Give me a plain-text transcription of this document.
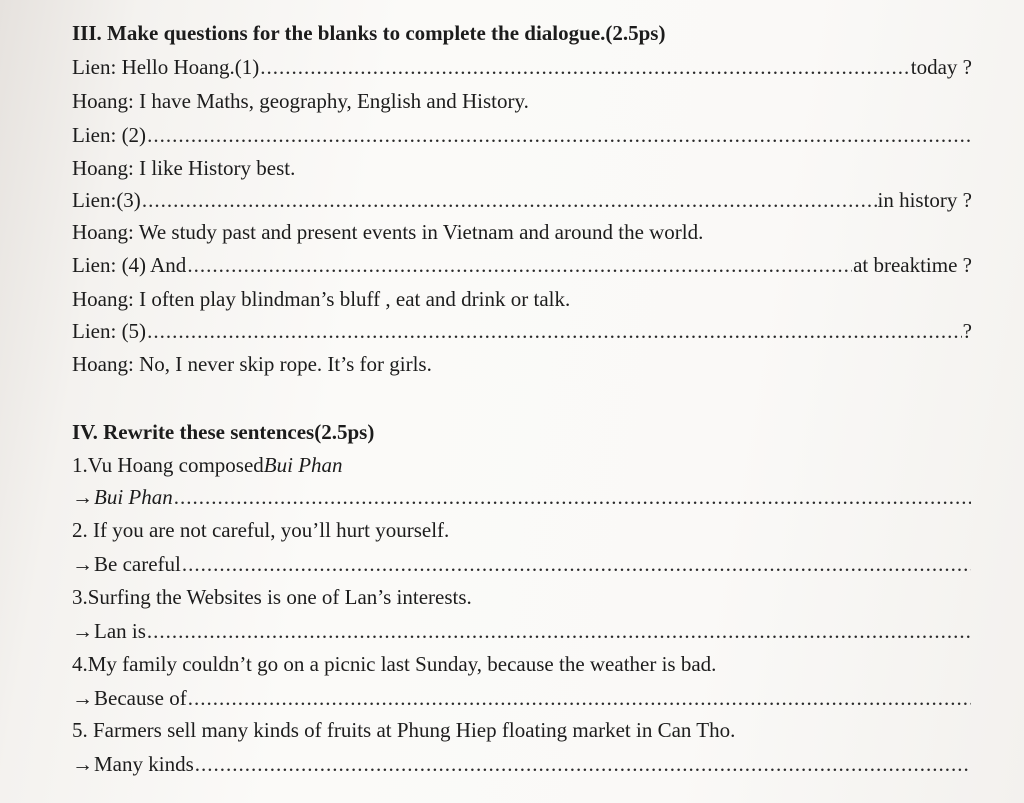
III. Make questions for the blanks to complete the dialogue.(2.5ps)
Lien: Hello Hoang.(1) .....	today ?
Hoang: I have Maths, geography, English and History.
Lien: (2)
.....
Hoang: I like History best.
Lien:(3) .....	in history ?
Hoang: We study past and present events in Vietnam and around the world.
Lien: (4) And .....	at breaktime ?
Hoang: I often play blindman’s bluff , eat and drink or talk.
Lien: (5) .....	?
Hoang: No, I never skip rope. It’s for girls.
IV. Rewrite these sentences(2.5ps)
1.Vu Hoang composed Bui Phan
→ Bui Phan
.....
2. If you are not careful, you’ll hurt yourself.
→ Be careful
.....
3.Surfing the Websites is one of Lan’s interests.
→ Lan is
.....
4.My family couldn’t go on a picnic last Sunday, because the weather is bad.
→ Because of
.....
5. Farmers sell many kinds of fruits at Phung Hiep floating market in Can Tho.
→ Many kinds
.....
